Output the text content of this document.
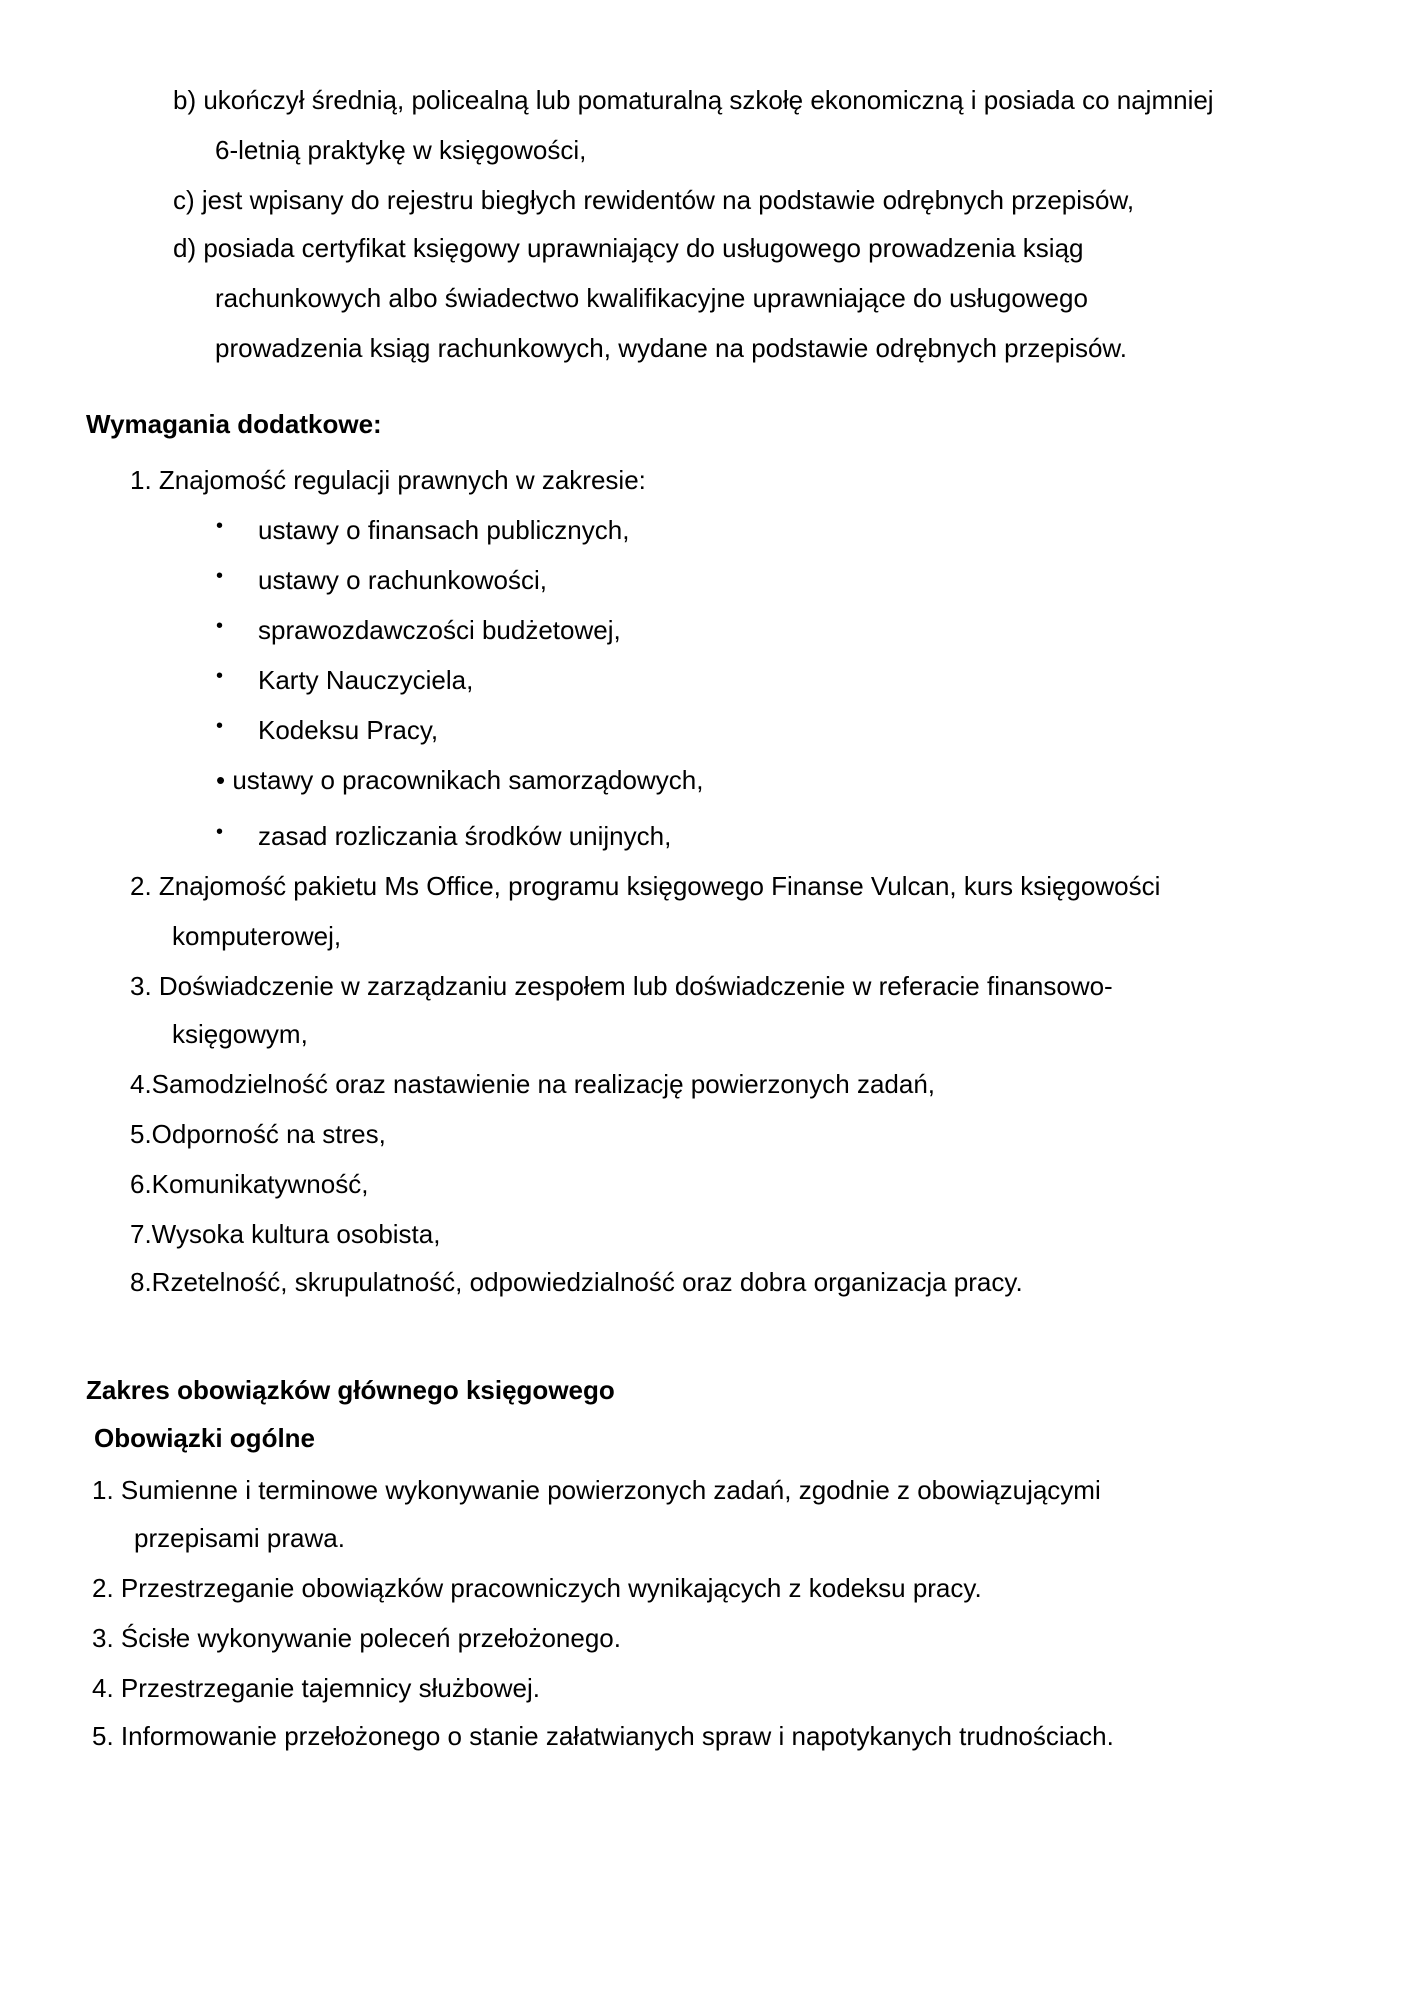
b) ukończył średnią, policealną lub pomaturalną szkołę ekonomiczną i posiada co najmniej
6-letnią praktykę w księgowości,
c) jest wpisany do rejestru biegłych rewidentów na podstawie odrębnych przepisów,
d) posiada certyfikat księgowy uprawniający do usługowego prowadzenia ksiąg
rachunkowych albo świadectwo kwalifikacyjne uprawniające do usługowego
prowadzenia ksiąg rachunkowych, wydane na podstawie odrębnych przepisów.
Wymagania dodatkowe:
1. Znajomość regulacji prawnych w zakresie:
• ustawy o finansach publicznych,
• ustawy o rachunkowości,
• sprawozdawczości budżetowej,
• Karty Nauczyciela,
• Kodeksu Pracy,
• ustawy o pracownikach samorządowych,
• zasad rozliczania środków unijnych,
2. Znajomość pakietu Ms Office, programu księgowego Finanse Vulcan, kurs księgowości
komputerowej,
3. Doświadczenie w zarządzaniu zespołem lub doświadczenie w referacie finansowo-
księgowym,
4.Samodzielność oraz nastawienie na realizację powierzonych zadań,
5.Odporność na stres,
6.Komunikatywność,
7.Wysoka kultura osobista,
8.Rzetelność, skrupulatność, odpowiedzialność oraz dobra organizacja pracy.
Zakres obowiązków głównego księgowego
Obowiązki ogólne
1. Sumienne i terminowe wykonywanie powierzonych zadań, zgodnie z obowiązującymi
przepisami prawa.
2. Przestrzeganie obowiązków pracowniczych wynikających z kodeksu pracy.
3. Ścisłe wykonywanie poleceń przełożonego.
4. Przestrzeganie tajemnicy służbowej.
5. Informowanie przełożonego o stanie załatwianych spraw i napotykanych trudnościach.
